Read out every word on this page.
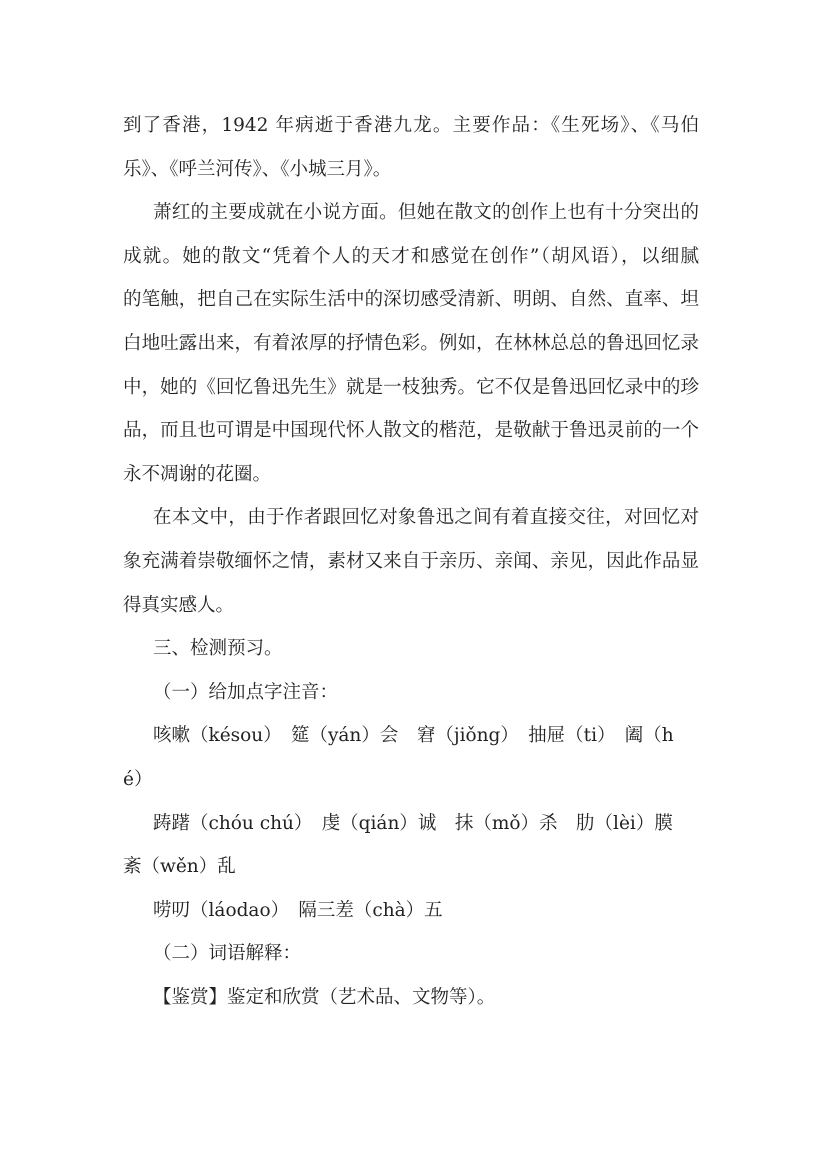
到了香港，1942 年病逝于香港九龙。主要作品：《生死场》、《马伯
乐》、《呼兰河传》、《小城三月》。
萧红的主要成就在小说方面。但她在散文的创作上也有十分突出的
成就。她的散文“凭着个人的天才和感觉在创作”（胡风语），以细腻
的笔触，把自己在实际生活中的深切感受清新、明朗、自然、直率、坦
白地吐露出来，有着浓厚的抒情色彩。例如，在林林总总的鲁迅回忆录
中，她的《回忆鲁迅先生》就是一枝独秀。它不仅是鲁迅回忆录中的珍
品，而且也可谓是中国现代怀人散文的楷范，是敬献于鲁迅灵前的一个
永不凋谢的花圈。
在本文中，由于作者跟回忆对象鲁迅之间有着直接交往，对回忆对
象充满着崇敬缅怀之情，素材又来自于亲历、亲闻、亲见，因此作品显
得真实感人。
三、检测预习。
（一）给加点字注音：
咳嗽（késou）　筵（yán）会　窘（jiǒng）　抽屉（ti）　阖（h
é）
踌躇（chóu chú）　虔（qián）诚　抹（mǒ）杀　肋（lèi）膜
紊（wěn）乱
唠叨（láodao）　隔三差（chà）五
（二）词语解释：
【鉴赏】鉴定和欣赏（艺术品、文物等）。
